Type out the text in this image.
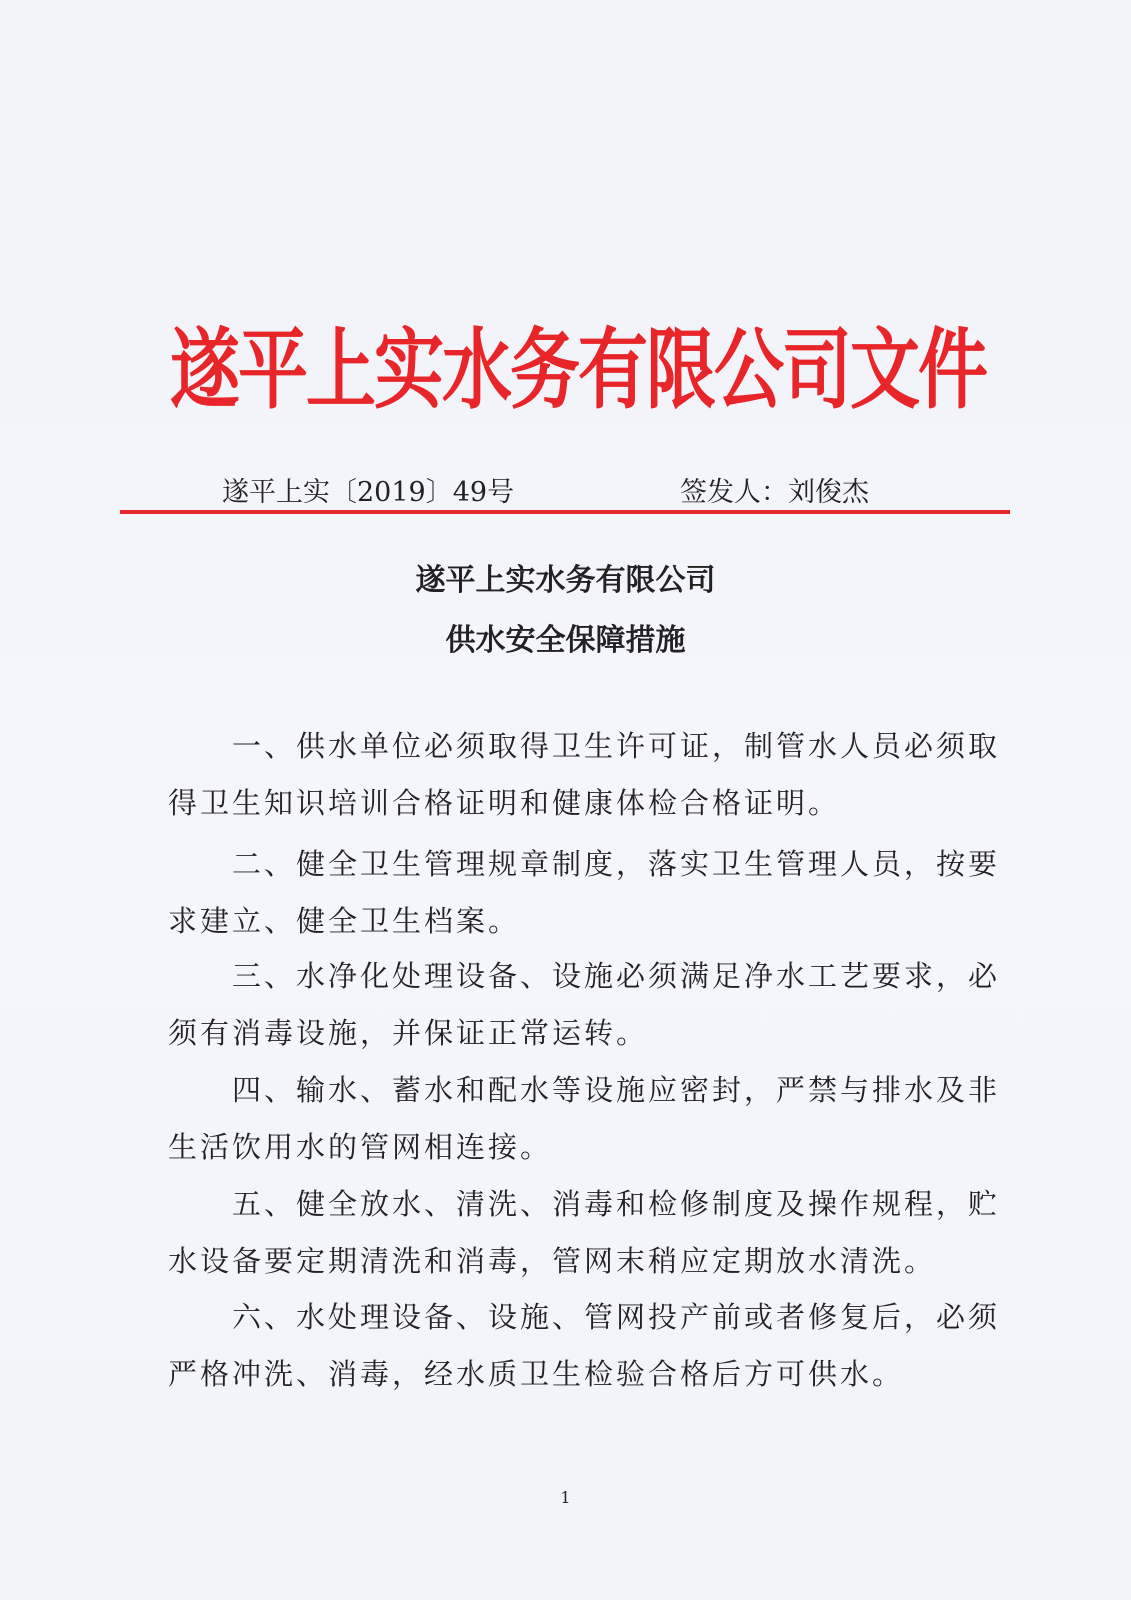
遂平上实水务有限公司文件
遂平上实〔2019〕49号	签发人：刘俊杰
遂平上实水务有限公司
供水安全保障措施
一、供水单位必须取得卫生许可证，制管水人员必须取
得卫生知识培训合格证明和健康体检合格证明。
二、健全卫生管理规章制度，落实卫生管理人员，按要
求建立、健全卫生档案。
三、水净化处理设备、设施必须满足净水工艺要求，必
须有消毒设施，并保证正常运转。
四、输水、蓄水和配水等设施应密封，严禁与排水及非
生活饮用水的管网相连接。
五、健全放水、清洗、消毒和检修制度及操作规程，贮
水设备要定期清洗和消毒，管网末稍应定期放水清洗。
六、水处理设备、设施、管网投产前或者修复后，必须
严格冲洗、消毒，经水质卫生检验合格后方可供水。
1
